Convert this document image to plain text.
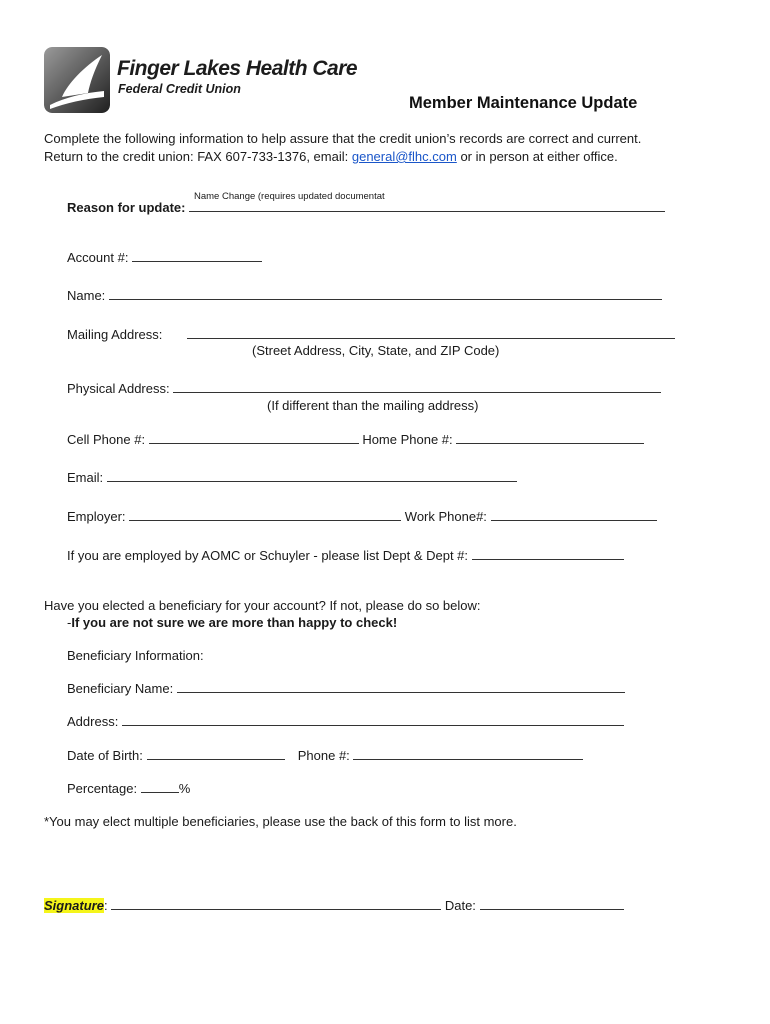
Finger Lakes Health Care
Federal Credit Union
Member Maintenance Update
Complete the following information to help assure that the credit union’s records are correct and current.
Return to the credit union: FAX 607-733-1376, email: general@flhc.com or in person at either office.
Name Change (requires updated documentat
Reason for update:
Account #:
Name:
Mailing Address:
(Street Address, City, State, and ZIP Code)
Physical Address:
(If different than the mailing address)
Cell Phone #:	Home Phone #:
Email:
Employer:	Work Phone#:
If you are employed by AOMC or Schuyler - please list Dept & Dept #:
Have you elected a beneficiary for your account? If not, please do so below:
-If you are not sure we are more than happy to check!
Beneficiary Information:
Beneficiary Name:
Address:
Date of Birth:	Phone #:
Percentage:	%
*You may elect multiple beneficiaries, please use the back of this form to list more.
Signature:	Date:
